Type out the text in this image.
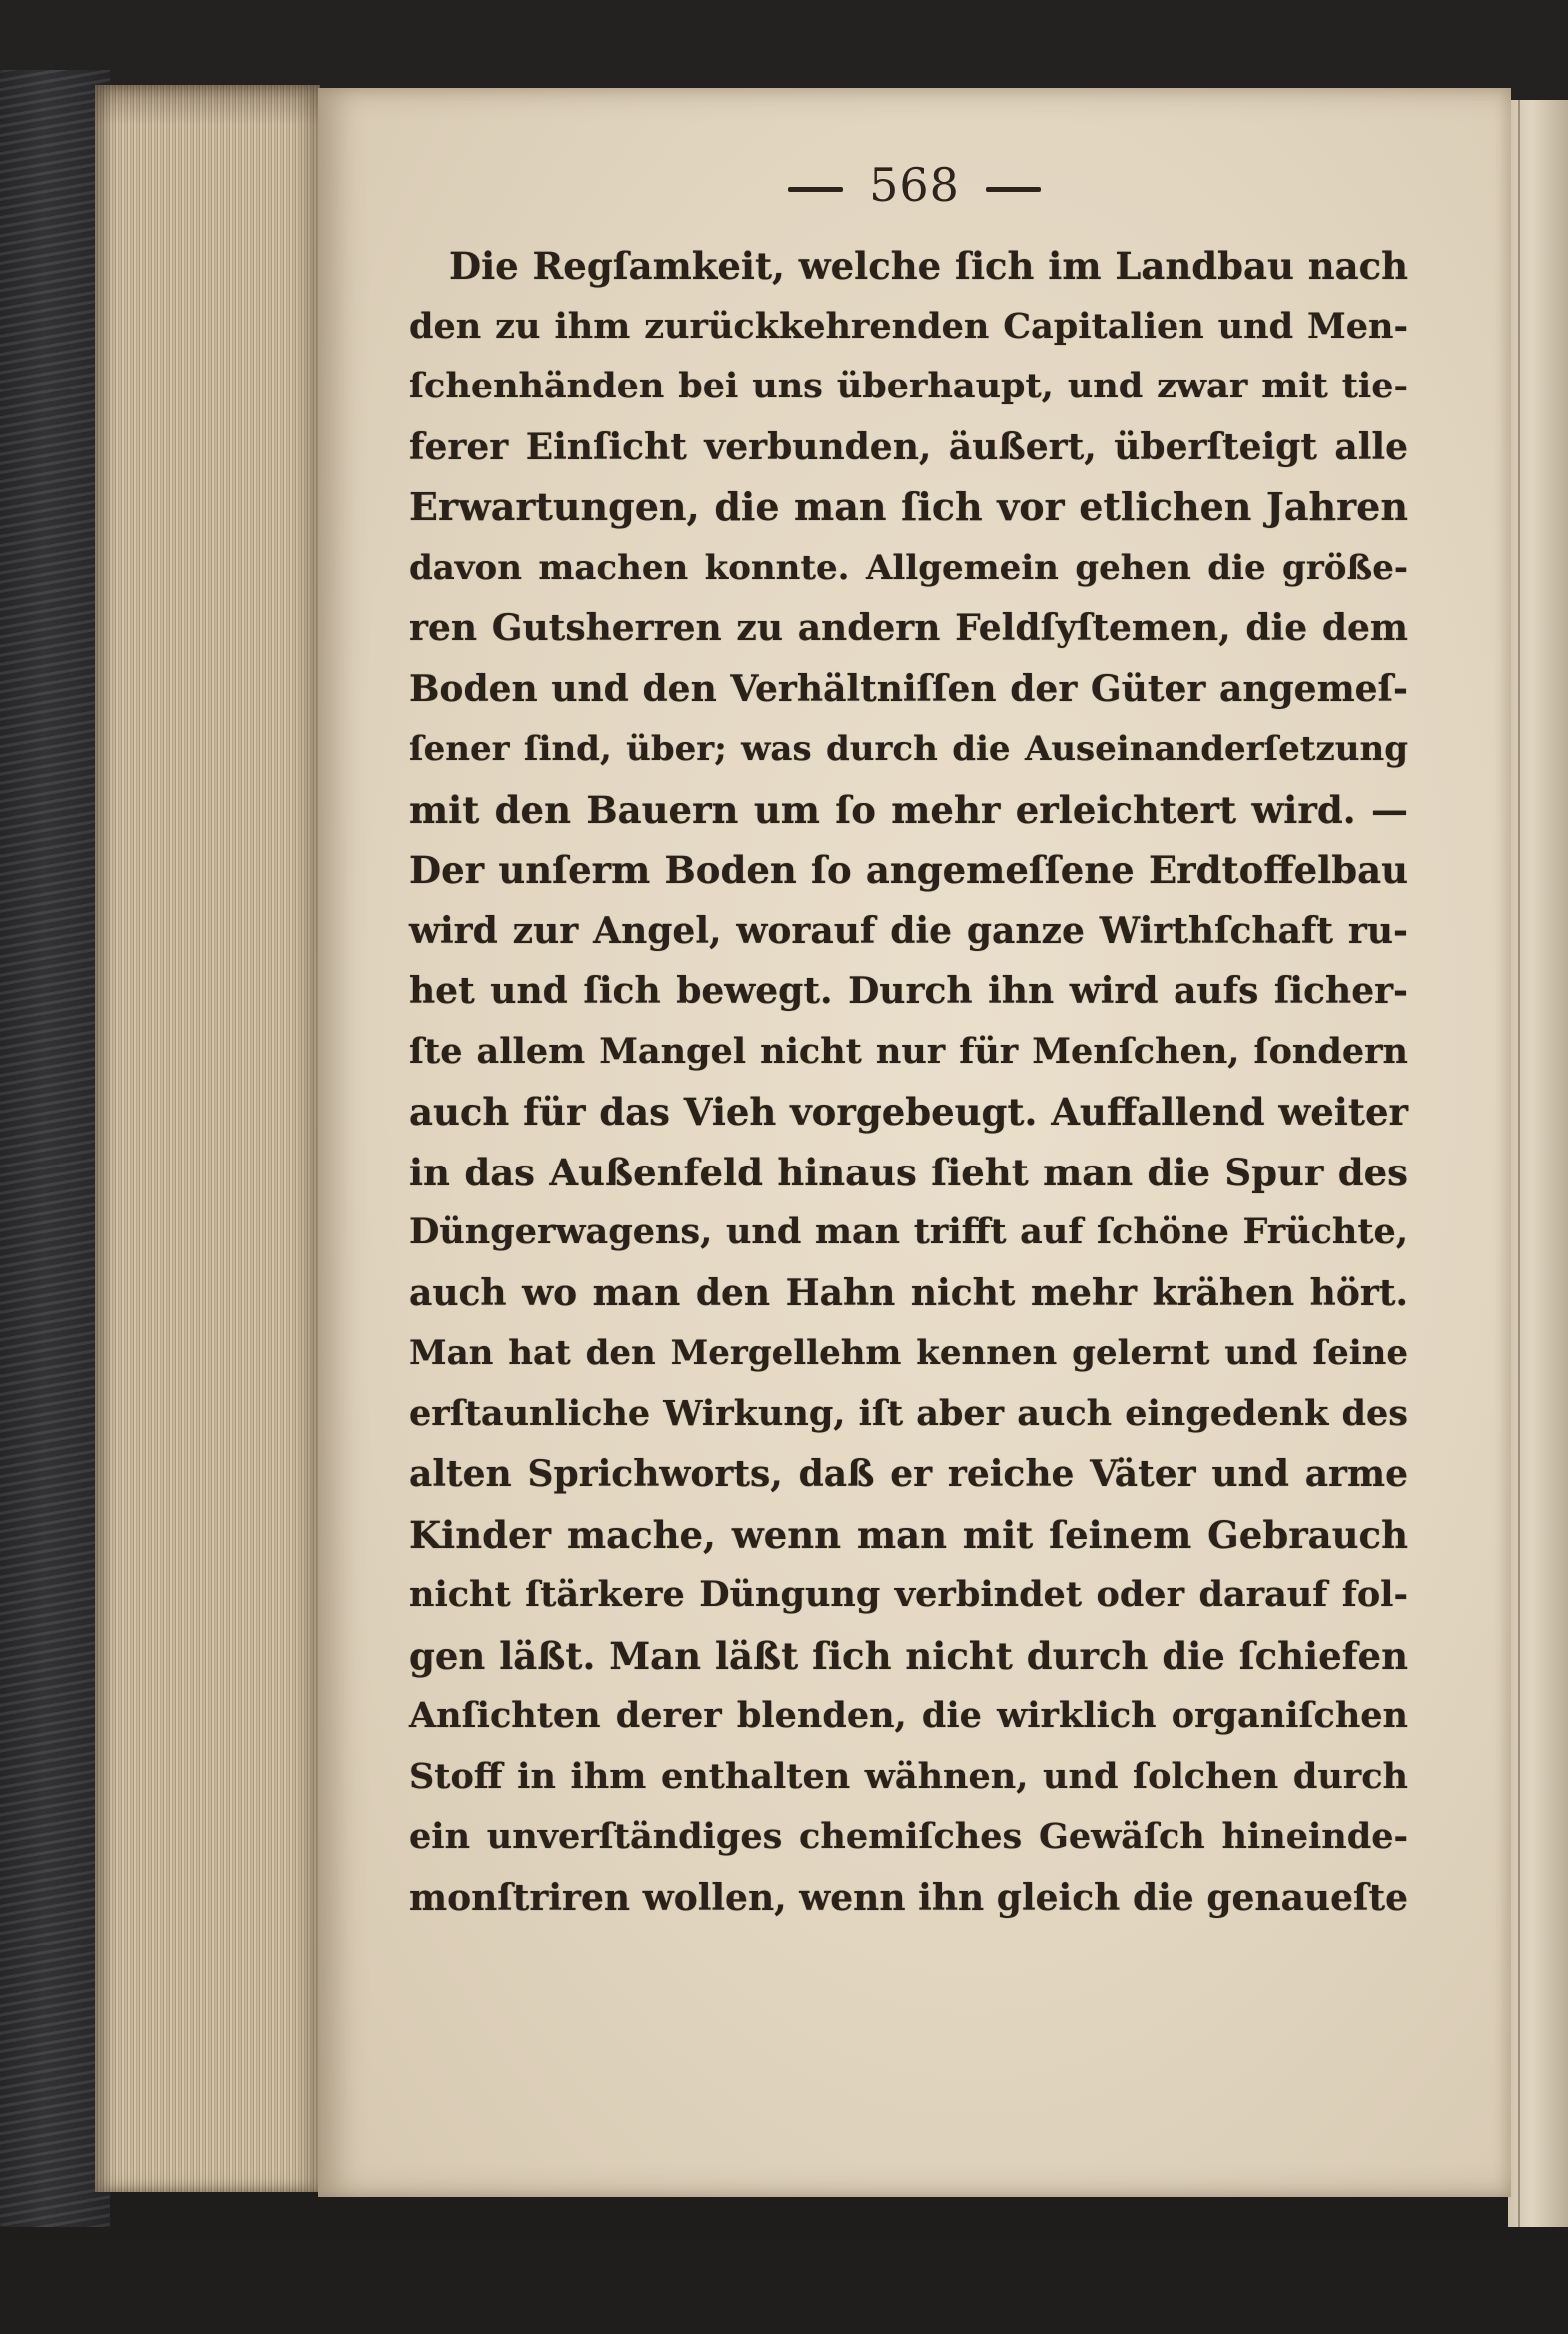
568
Die Regſamkeit, welche ſich im Landbau nach
den zu ihm zurückkehrenden Capitalien und Men-
ſchenhänden bei uns überhaupt, und zwar mit tie-
ferer Einſicht verbunden, äußert, überſteigt alle
Erwartungen, die man ſich vor etlichen Jahren
davon machen konnte. Allgemein gehen die größe-
ren Gutsherren zu andern Feldſyſtemen, die dem
Boden und den Verhältniſſen der Güter angemeſ-
ſener ſind, über; was durch die Auseinanderſetzung
mit den Bauern um ſo mehr erleichtert wird. —
Der unſerm Boden ſo angemeſſene Erdtoffelbau
wird zur Angel, worauf die ganze Wirthſchaft ru-
het und ſich bewegt. Durch ihn wird aufs ſicher-
ſte allem Mangel nicht nur für Menſchen, ſondern
auch für das Vieh vorgebeugt. Auffallend weiter
in das Außenfeld hinaus ſieht man die Spur des
Düngerwagens, und man trifft auf ſchöne Früchte,
auch wo man den Hahn nicht mehr krähen hört.
Man hat den Mergellehm kennen gelernt und ſeine
erſtaunliche Wirkung, iſt aber auch eingedenk des
alten Sprichworts, daß er reiche Väter und arme
Kinder mache, wenn man mit ſeinem Gebrauch
nicht ſtärkere Düngung verbindet oder darauf fol-
gen läßt. Man läßt ſich nicht durch die ſchiefen
Anſichten derer blenden, die wirklich organiſchen
Stoff in ihm enthalten wähnen, und ſolchen durch
ein unverſtändiges chemiſches Gewäſch hineinde-
monſtriren wollen, wenn ihn gleich die genaueſte
